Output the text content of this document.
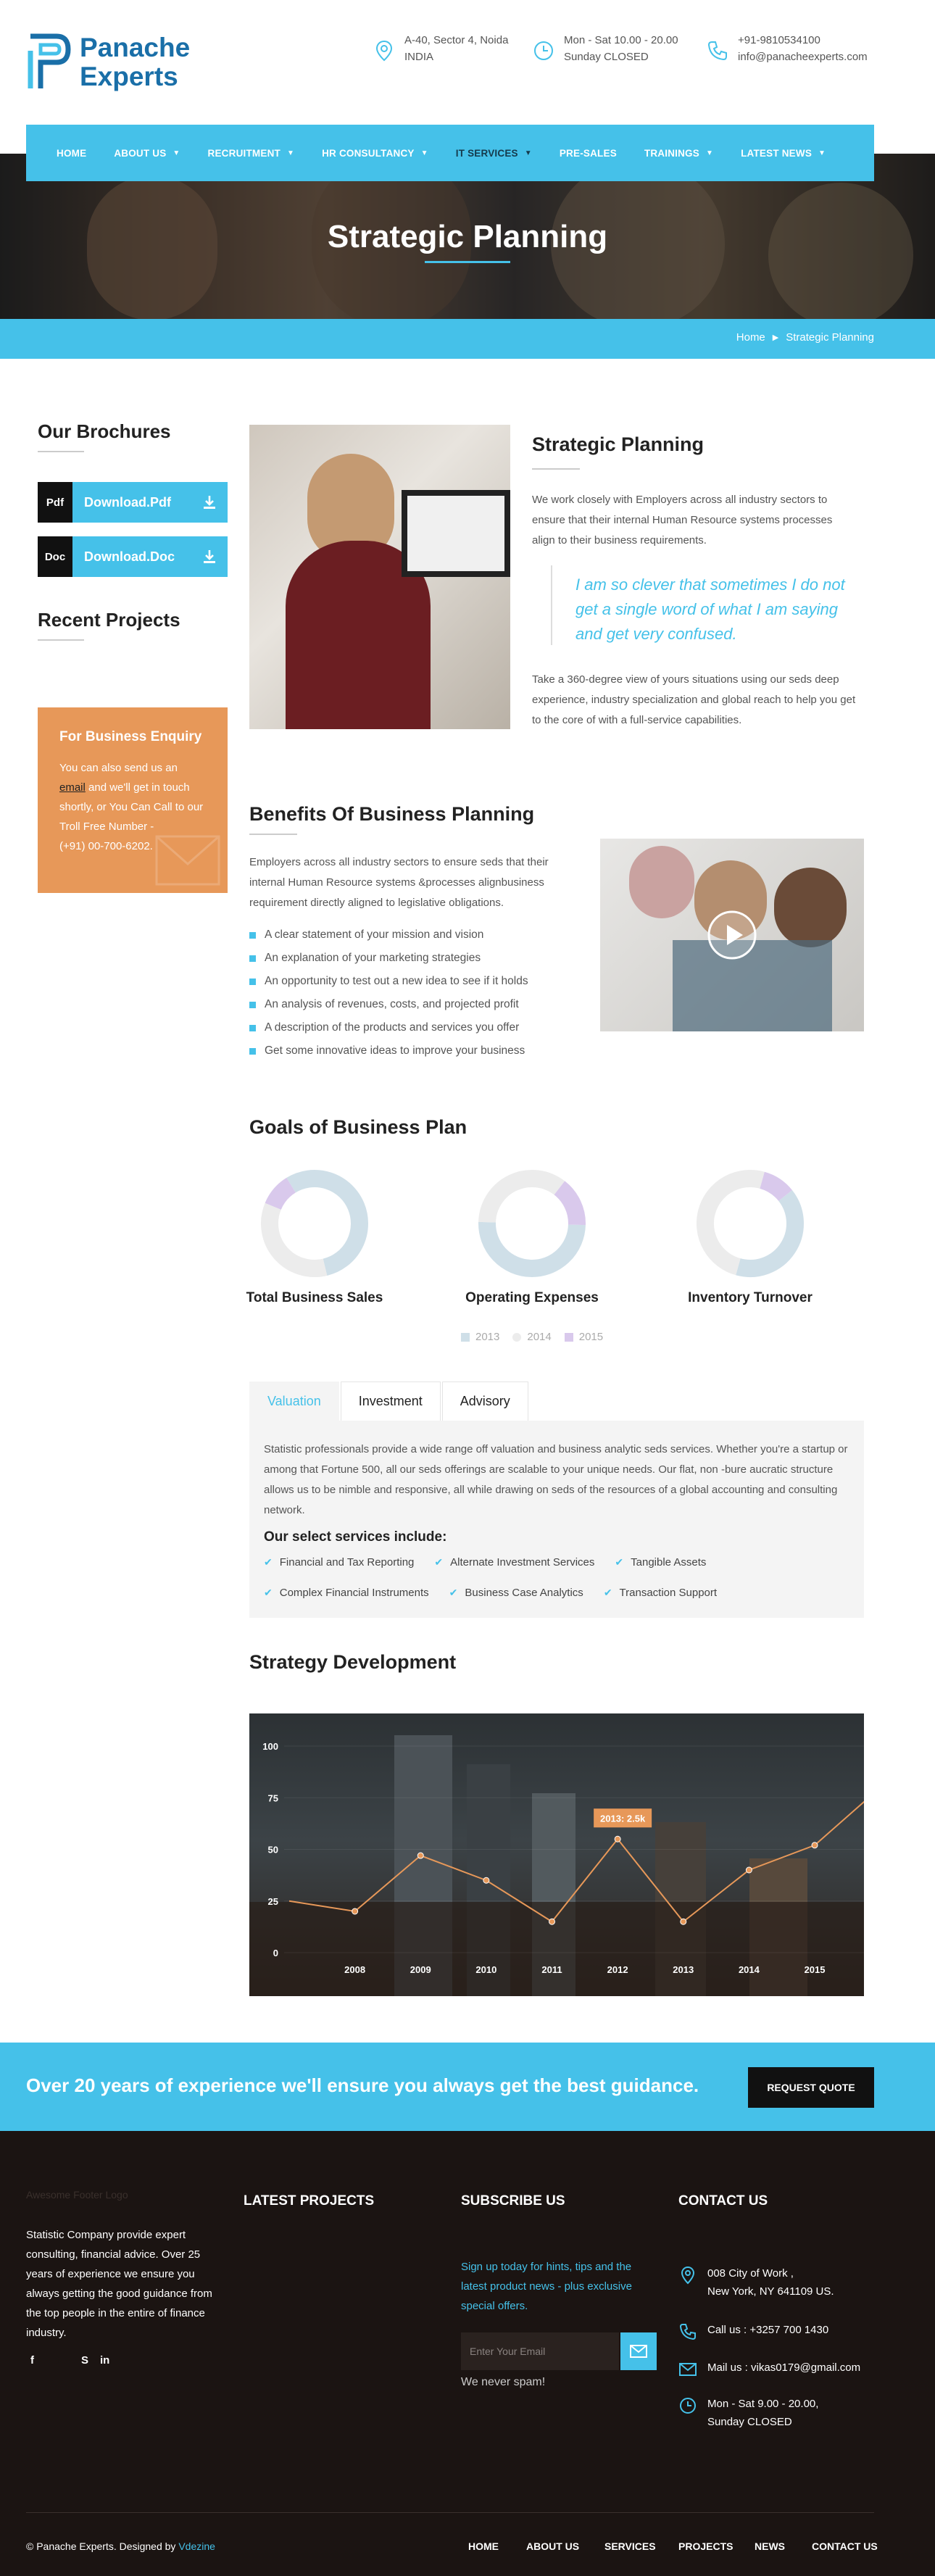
Panache
Experts
A-40, Sector 4, Noida
INDIA
Mon - Sat 10.00 - 20.00
Sunday CLOSED
+91-9810534100
info@panacheexperts.com
Strategic Planning
HOME	ABOUT US ▼	RECRUITMENT ▼	HR CONSULTANCY ▼	IT SERVICES ▼	PRE-SALES	TRAININGS ▼	LATEST NEWS ▼
Home ▶ Strategic Planning
Our Brochures
Pdf	Download.Pdf
Doc	Download.Doc
Recent Projects
For Business Enquiry

You can also send us an email and we'll get in touch shortly, or You Can Call to our Troll Free Number -
(+91) 00-700-6202.

Strategic Planning

We work closely with Employers across all industry sectors to ensure that their internal Human Resource systems processes align to their business requirements.

I am so clever that sometimes I do not get a single word of what I am saying and get very confused.

Take a 360-degree view of yours situations using our seds deep experience, industry specialization and global reach to help you get to the core of with a full-service capabilities.

Benefits Of Business Planning

Employers across all industry sectors to ensure seds that their internal Human Resource systems &processes alignbusiness requirement directly aligned to legislative obligations.

A clear statement of your mission and vision
An explanation of your marketing strategies
An opportunity to test out a new idea to see if it holds
An analysis of revenues, costs, and projected profit
A description of the products and services you offer
Get some innovative ideas to improve your business
Goals of Business Plan
Total Business Sales	Operating Expenses	Inventory Turnover
2013	2014	2015
Valuation	Investment	Advisory

Statistic professionals provide a wide range off valuation and business analytic seds services. Whether you're a startup or among that Fortune 500, all our seds offerings are scalable to your unique needs. Our flat, non -bure aucratic structure allows us to be nimble and responsive, all while drawing on seds of the resources of a global accounting and consulting network.

Our select services include:
✔ Financial and Tax Reporting	✔ Alternate Investment Services	✔ Tangible Assets
✔ Complex Financial Instruments	✔ Business Case Analytics	✔ Transaction Support
Strategy Development
0
25
50
75
100
2008	2009	2010	2011	2012	2013	2014	2015
2013: 2.5k
Over 20 years of experience we'll ensure you always get the best guidance.	REQUEST QUOTE
Awesome Footer Logo

Statistic Company provide expert consulting, financial advice. Over 25 years of experience we ensure you always getting the good guidance from the top people in the entire of finance industry.

f t S in
LATEST PROJECTS	SUBSCRIBE US

Sign up today for hints, tips and the latest product news - plus exclusive special offers.

Enter Your Email
We never spam!
CONTACT US
008 City of Work ,
New York, NY 641109 US.
Call us : +3257 700 1430
Mail us : vikas0179@gmail.com
Mon - Sat 9.00 - 20.00,
Sunday CLOSED
© Panache Experts. Designed by Vdezine	HOME	ABOUT US SERVICES PROJECTS NEWS	CONTACT US
